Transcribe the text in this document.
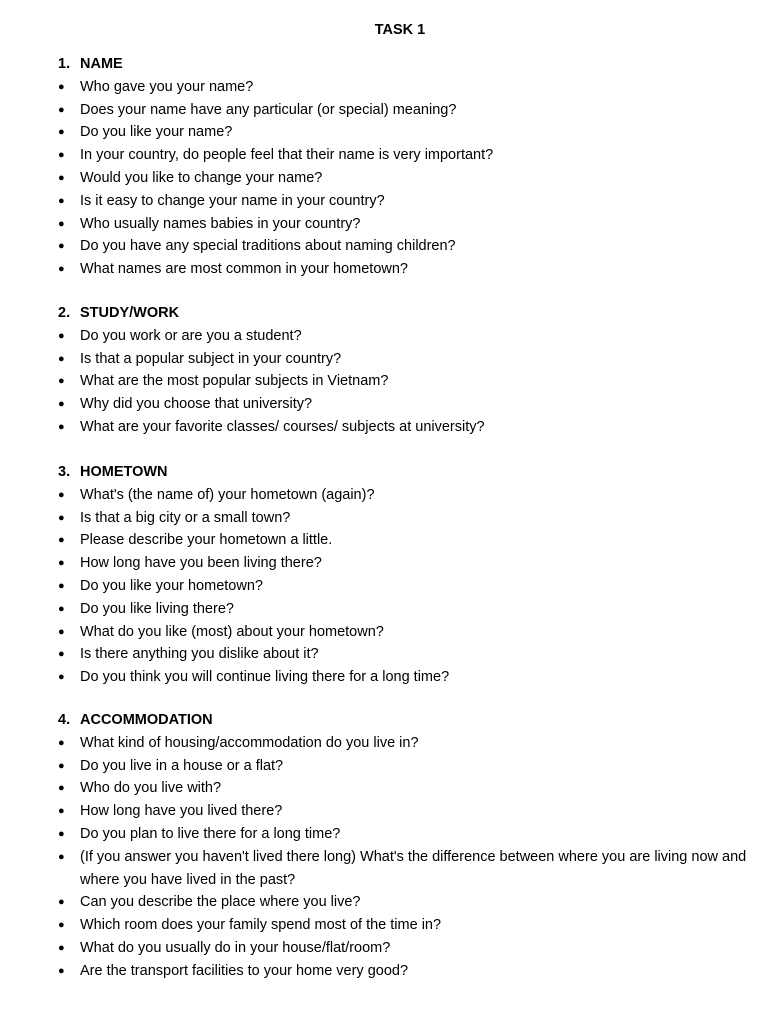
TASK 1
1. NAME
●	Who gave you your name?
●	Does your name have any particular (or special) meaning?
●	Do you like your name?
●	In your country, do people feel that their name is very important?
●	Would you like to change your name?
●	Is it easy to change your name in your country?
●	Who usually names babies in your country?
●	Do you have any special traditions about naming children?
●	What names are most common in your hometown?
2. STUDY/WORK
●	Do you work or are you a student?
●	Is that a popular subject in your country?
●	What are the most popular subjects in Vietnam?
●	Why did you choose that university?
●	What are your favorite classes/ courses/ subjects at university?
3. HOMETOWN
●	What's (the name of) your hometown (again)?
●	Is that a big city or a small town?
●	Please describe your hometown a little.
●	How long have you been living there?
●	Do you like your hometown?
●	Do you like living there?
●	What do you like (most) about your hometown?
●	Is there anything you dislike about it?
●	Do you think you will continue living there for a long time?
4. ACCOMMODATION
●	What kind of housing/accommodation do you live in?
●	Do you live in a house or a flat?
●	Who do you live with?
●	How long have you lived there?
●	Do you plan to live there for a long time?
●	(If you answer you haven't lived there long) What's the difference between where you are living now and where you have lived in the past?
●	Can you describe the place where you live?
●	Which room does your family spend most of the time in?
●	What do you usually do in your house/flat/room?
●	Are the transport facilities to your home very good?
